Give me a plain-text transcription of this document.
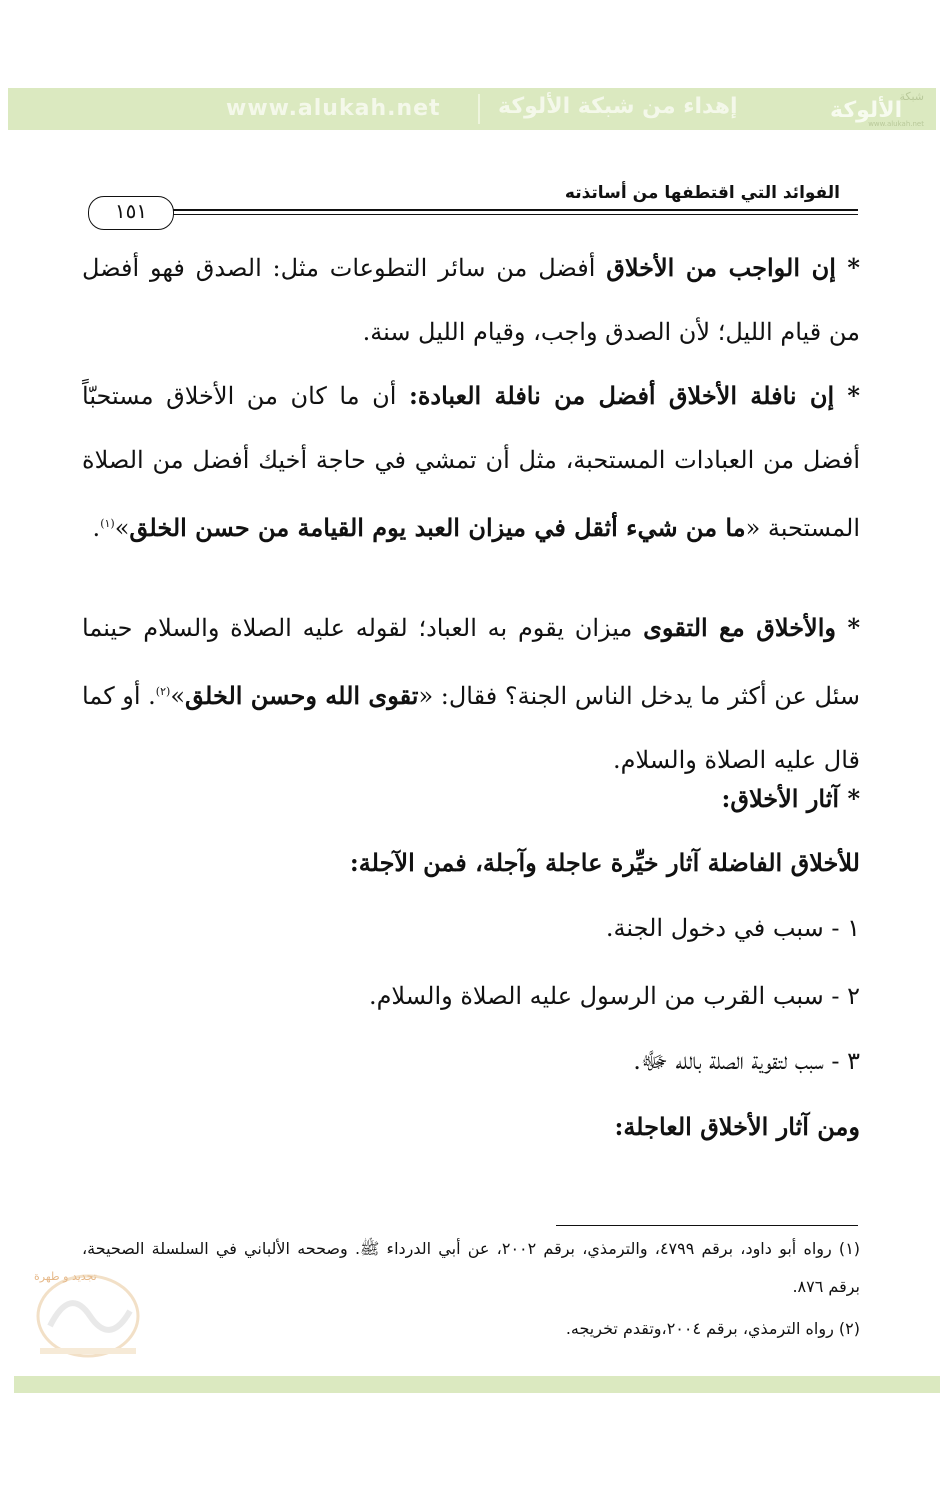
www.alukah.net	إهداء من شبكة الألوكة	شبكة
الألوكة
www.alukah.net
الفوائد التي اقتطفها من أساتذته
١٥١
* إن الواجب من الأخلاق أفضل من سائر التطوعات مثل: الصدق فهو أفضل من قيام الليل؛ لأن الصدق واجب، وقيام الليل سنة.
* إن نافلة الأخلاق أفضل من نافلة العبادة: أن ما كان من الأخلاق مستحبّاً أفضل من العبادات المستحبة، مثل أن تمشي في حاجة أخيك أفضل من الصلاة المستحبة «ما من شيء أثقل في ميزان العبد يوم القيامة من حسن الخلق»$^{(١)}$.
* والأخلاق مع التقوى ميزان يقوم به العباد؛ لقوله عليه الصلاة والسلام حينما سئل عن أكثر ما يدخل الناس الجنة؟ فقال: «تقوى الله وحسن الخلق»$^{(٢)}$. أو كما قال عليه الصلاة والسلام.
* آثار الأخلاق:
للأخلاق الفاضلة آثار خيِّرة عاجلة وآجلة، فمن الآجلة:
١ - سبب في دخول الجنة.
٢ - سبب القرب من الرسول عليه الصلاة والسلام.
٣ - سبب لتقوية الصلة بالله ﷻ.
ومن آثار الأخلاق العاجلة:
(١) رواه أبو داود، برقم ٤٧٩٩، والترمذي، برقم ٢٠٠٢، عن أبي الدرداء ﷺ. وصححه الألباني في السلسلة الصحيحة، برقم ٨٧٦.
(٢) رواه الترمذي، برقم ٢٠٠٤،وتقدم تخريجه.
تجديد و طهرة
